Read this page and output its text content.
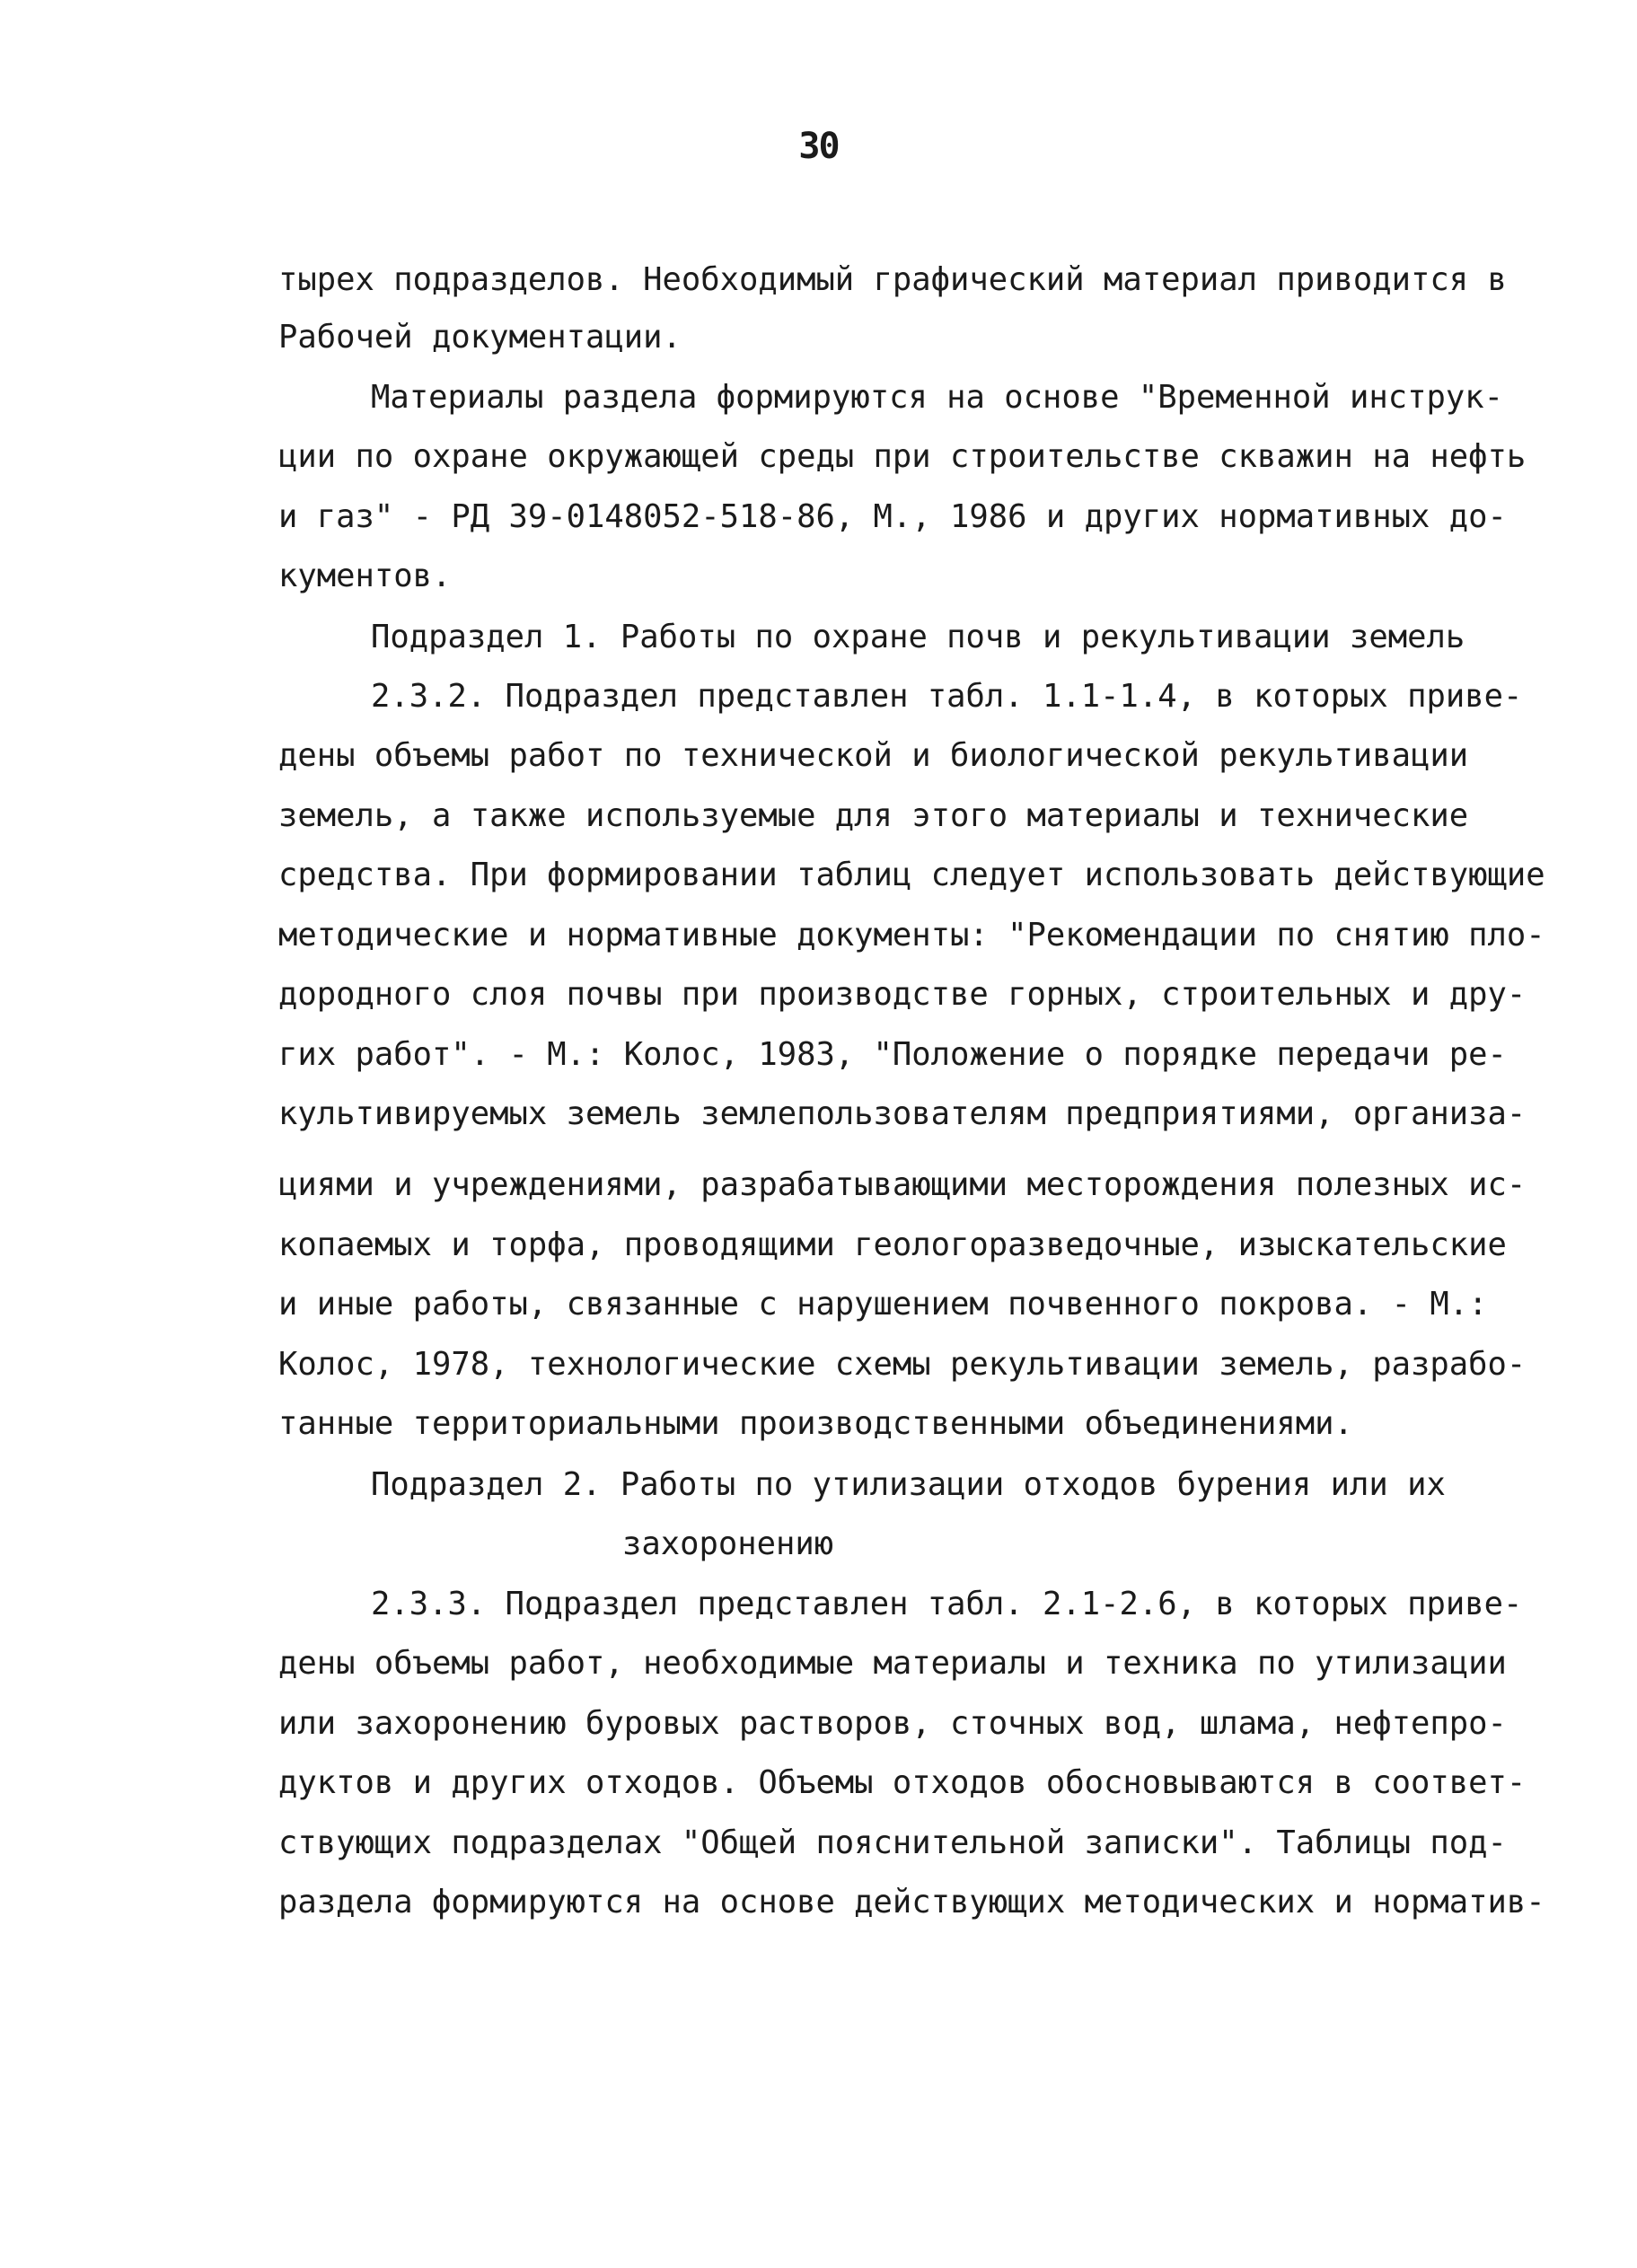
30
тырех подразделов. Необходимый графический материал приводится в
Рабочей документации.
Материалы раздела формируются на основе "Временной инструк-
ции по охране окружающей среды при строительстве скважин на нефть
и газ" - РД 39-0148052-518-86, М., 1986 и других нормативных до-
кументов.
Подраздел 1. Работы по охране почв и рекультивации земель
2.3.2. Подраздел представлен табл. 1.1-1.4, в которых приве-
дены объемы работ по технической и биологической рекультивации
земель, а также используемые для этого материалы и технические
средства. При формировании таблиц следует использовать действующие
методические и нормативные документы: "Рекомендации по снятию пло-
дородного слоя почвы при производстве горных, строительных и дру-
гих работ". - М.: Колос, 1983, "Положение о порядке передачи ре-
культивируемых земель землепользователям предприятиями, организа-
циями и учреждениями, разрабатывающими месторождения полезных ис-
копаемых и торфа, проводящими геологоразведочные, изыскательские
и иные работы, связанные с нарушением почвенного покрова. - М.:
Колос, 1978, технологические схемы рекультивации земель, разрабо-
танные территориальными производственными объединениями.
Подраздел 2. Работы по утилизации отходов бурения или их
захоронению
2.3.3. Подраздел представлен табл. 2.1-2.6, в которых приве-
дены объемы работ, необходимые материалы и техника по утилизации
или захоронению буровых растворов, сточных вод, шлама, нефтепро-
дуктов и других отходов. Объемы отходов обосновываются в соответ-
ствующих подразделах "Общей пояснительной записки". Таблицы под-
раздела формируются на основе действующих методических и норматив-
